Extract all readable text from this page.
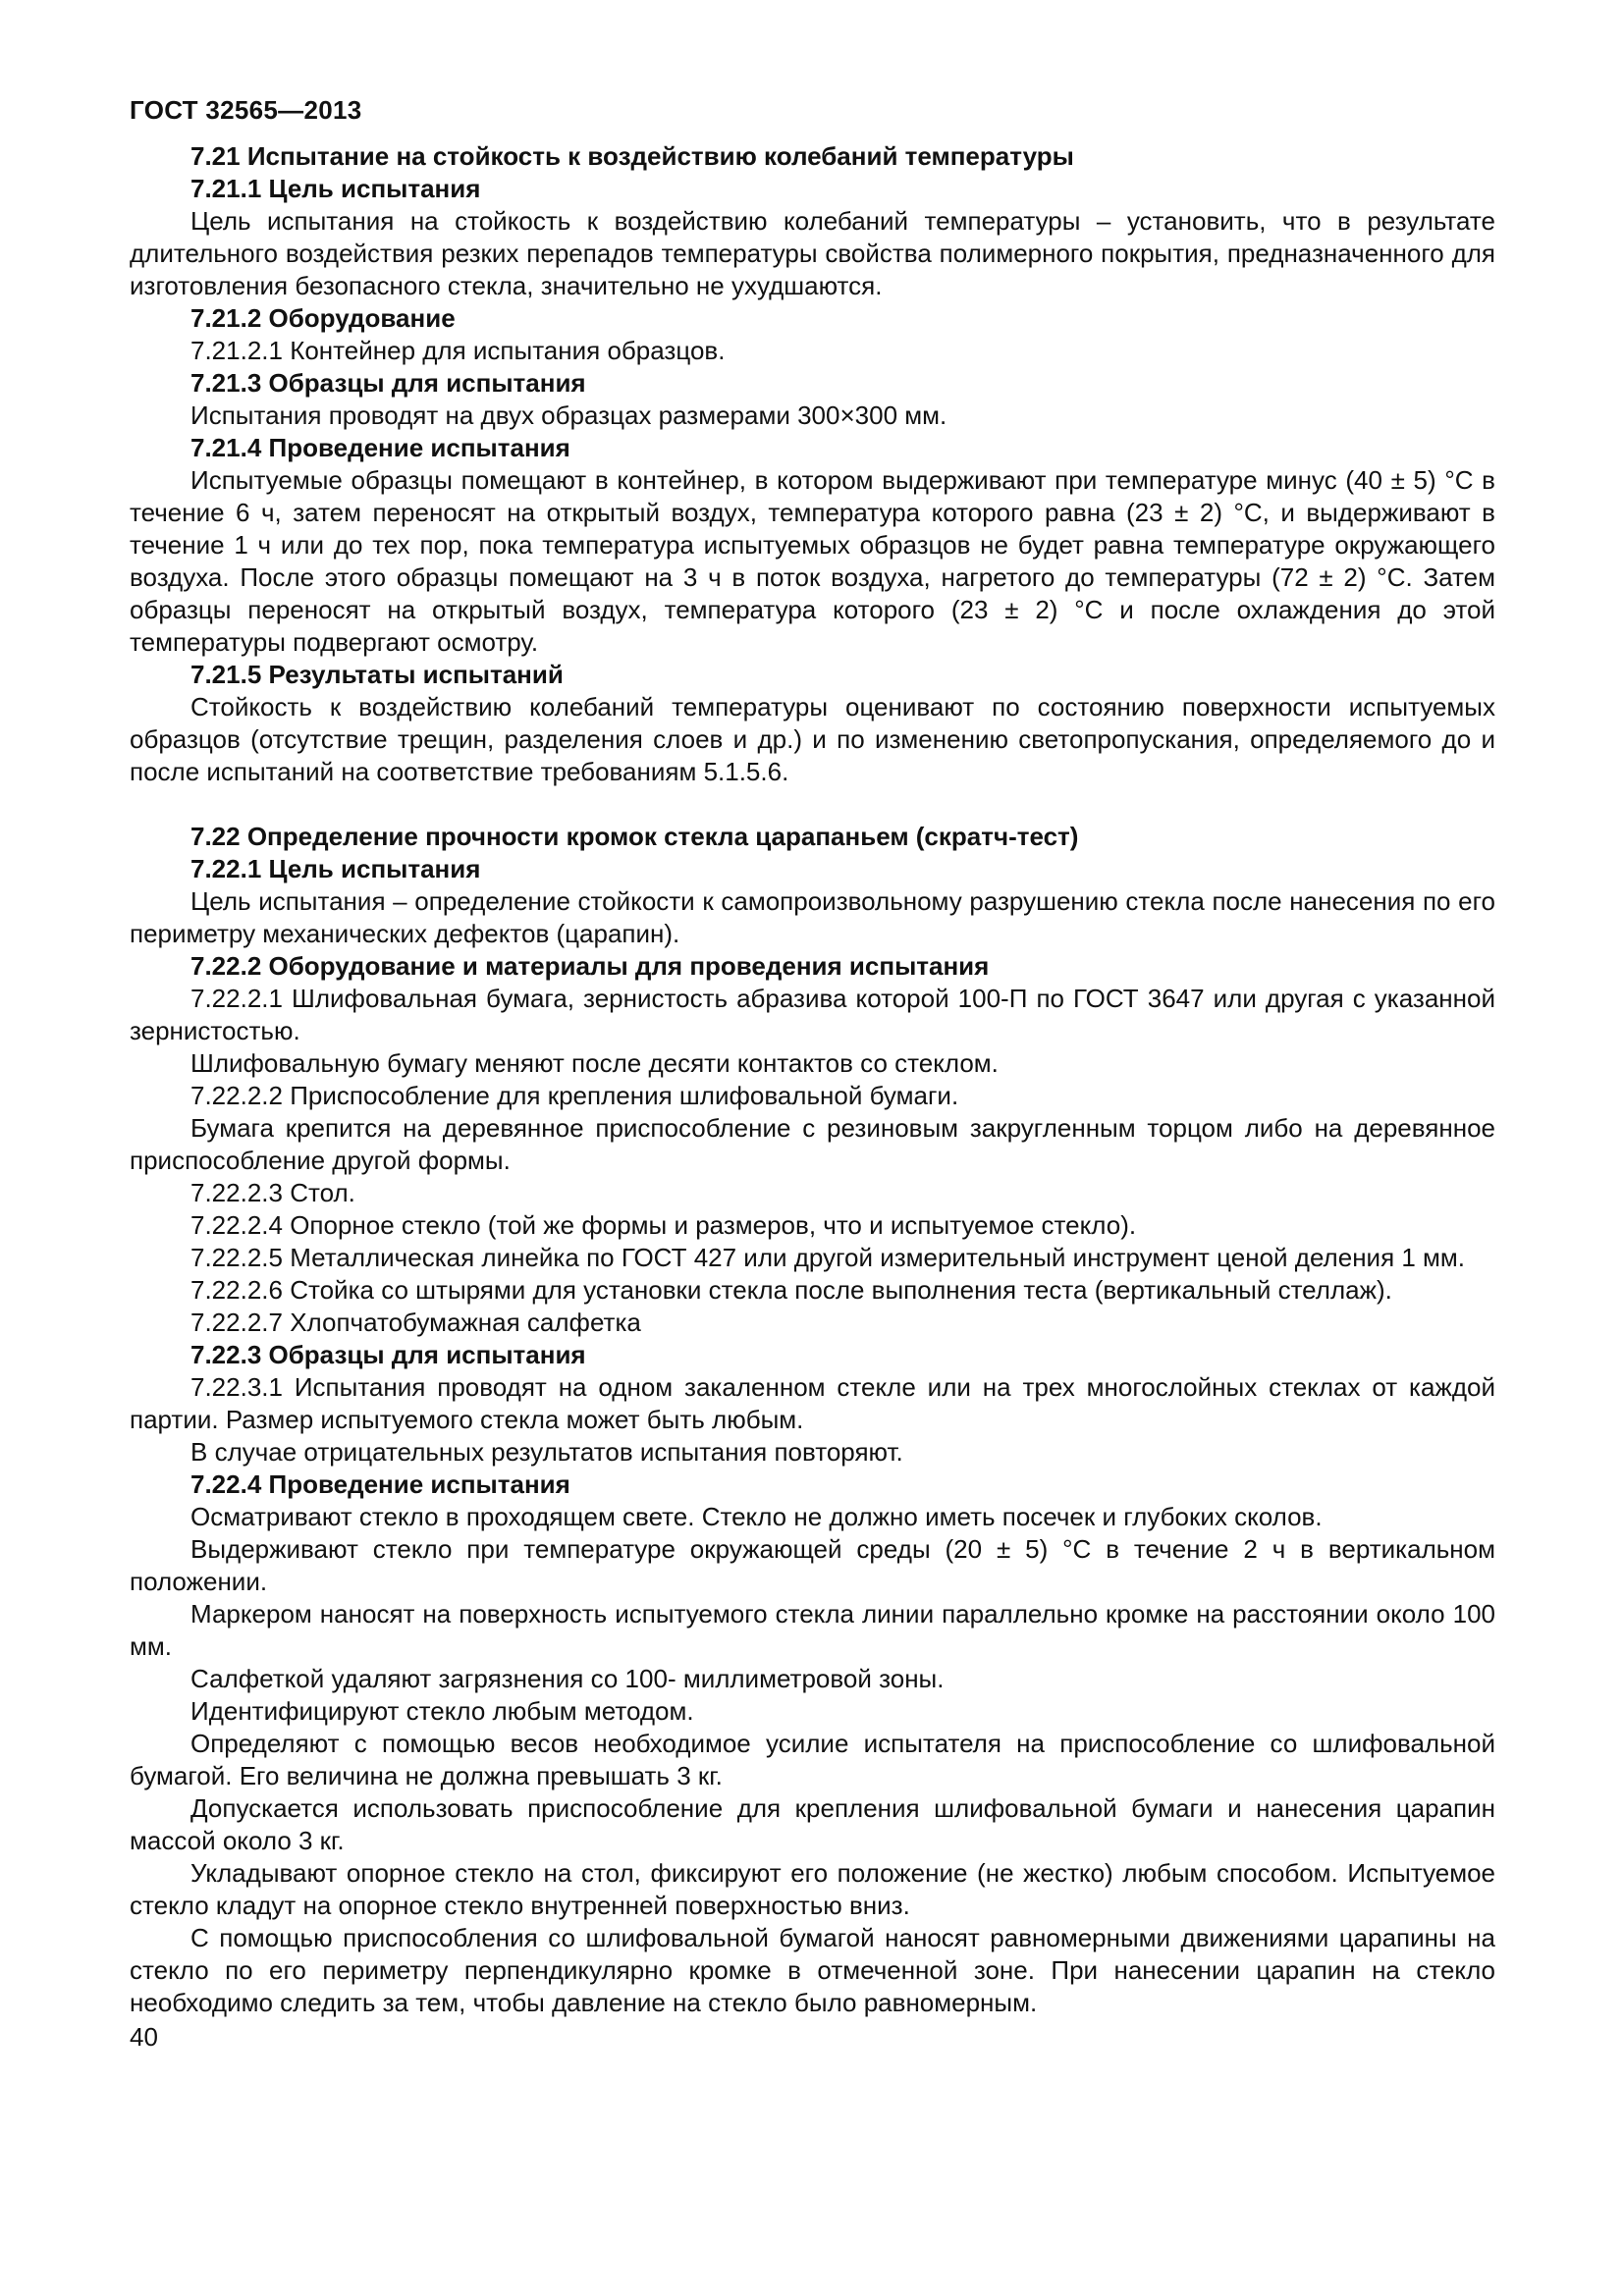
ГОСТ 32565—2013

7.21 Испытание на стойкость к воздействию колебаний температуры

7.21.1 Цель испытания

Цель испытания на стойкость к воздействию колебаний температуры – установить, что в результате длительного воздействия резких перепадов температуры свойства полимерного покрытия, предназначенного для изготовления безопасного стекла, значительно не ухудшаются.

7.21.2 Оборудование

7.21.2.1 Контейнер для испытания образцов.

7.21.3 Образцы для испытания

Испытания проводят на двух образцах размерами 300×300 мм.

7.21.4 Проведение испытания

Испытуемые образцы помещают в контейнер, в котором выдерживают при температуре минус (40 ± 5) °С в течение 6 ч, затем переносят на открытый воздух, температура которого равна (23 ± 2) °С, и выдерживают в течение 1 ч или до тех пор, пока температура испытуемых образцов не будет равна температуре окружающего воздуха. После этого образцы помещают на 3 ч в поток воздуха, нагретого до температуры (72 ± 2) °С. Затем образцы переносят на открытый воздух, температура которого (23 ± 2) °С и после охлаждения до этой температуры подвергают осмотру.

7.21.5 Результаты испытаний

Стойкость к воздействию колебаний температуры оценивают по состоянию поверхности испытуемых образцов (отсутствие трещин, разделения слоев и др.) и по изменению светопропускания, определяемого до и после испытаний на соответствие требованиям 5.1.5.6.

7.22 Определение прочности кромок стекла царапаньем (скратч-тест)

7.22.1 Цель испытания

Цель испытания – определение стойкости к самопроизвольному разрушению стекла после нанесения по его периметру механических дефектов (царапин).

7.22.2 Оборудование и материалы для проведения испытания

7.22.2.1 Шлифовальная бумага, зернистость абразива которой 100-П по ГОСТ 3647 или другая с указанной зернистостью.

Шлифовальную бумагу меняют после десяти контактов со стеклом.

7.22.2.2 Приспособление для крепления шлифовальной бумаги.

Бумага крепится на деревянное приспособление с резиновым закругленным торцом либо на деревянное приспособление другой формы.

7.22.2.3 Стол.

7.22.2.4 Опорное стекло (той же формы и размеров, что и испытуемое стекло).

7.22.2.5 Металлическая линейка по ГОСТ 427 или другой измерительный инструмент ценой деления 1 мм.

7.22.2.6 Стойка со штырями для установки стекла после выполнения теста (вертикальный стеллаж).

7.22.2.7 Хлопчатобумажная салфетка

7.22.3 Образцы для испытания

7.22.3.1 Испытания проводят на одном закаленном стекле или на трех многослойных стеклах от каждой партии. Размер испытуемого стекла может быть любым.

В случае отрицательных результатов испытания повторяют.

7.22.4 Проведение испытания

Осматривают стекло в проходящем свете. Стекло не должно иметь посечек и глубоких сколов.

Выдерживают стекло при температуре окружающей среды (20 ± 5) °С в течение 2 ч в вертикальном положении.

Маркером наносят на поверхность испытуемого стекла линии параллельно кромке на расстоянии около 100 мм.

Салфеткой удаляют загрязнения со 100- миллиметровой зоны.

Идентифицируют стекло любым методом.

Определяют с помощью весов необходимое усилие испытателя на приспособление со шлифовальной бумагой. Его величина не должна превышать 3 кг.

Допускается использовать приспособление для крепления шлифовальной бумаги и нанесения царапин массой около 3 кг.

Укладывают опорное стекло на стол, фиксируют его положение (не жестко) любым способом. Испытуемое стекло кладут на опорное стекло внутренней поверхностью вниз.

С помощью приспособления со шлифовальной бумагой наносят равномерными движениями царапины на стекло по его периметру перпендикулярно кромке в отмеченной зоне. При нанесении царапин на стекло необходимо следить за тем, чтобы давление на стекло было равномерным.

40
